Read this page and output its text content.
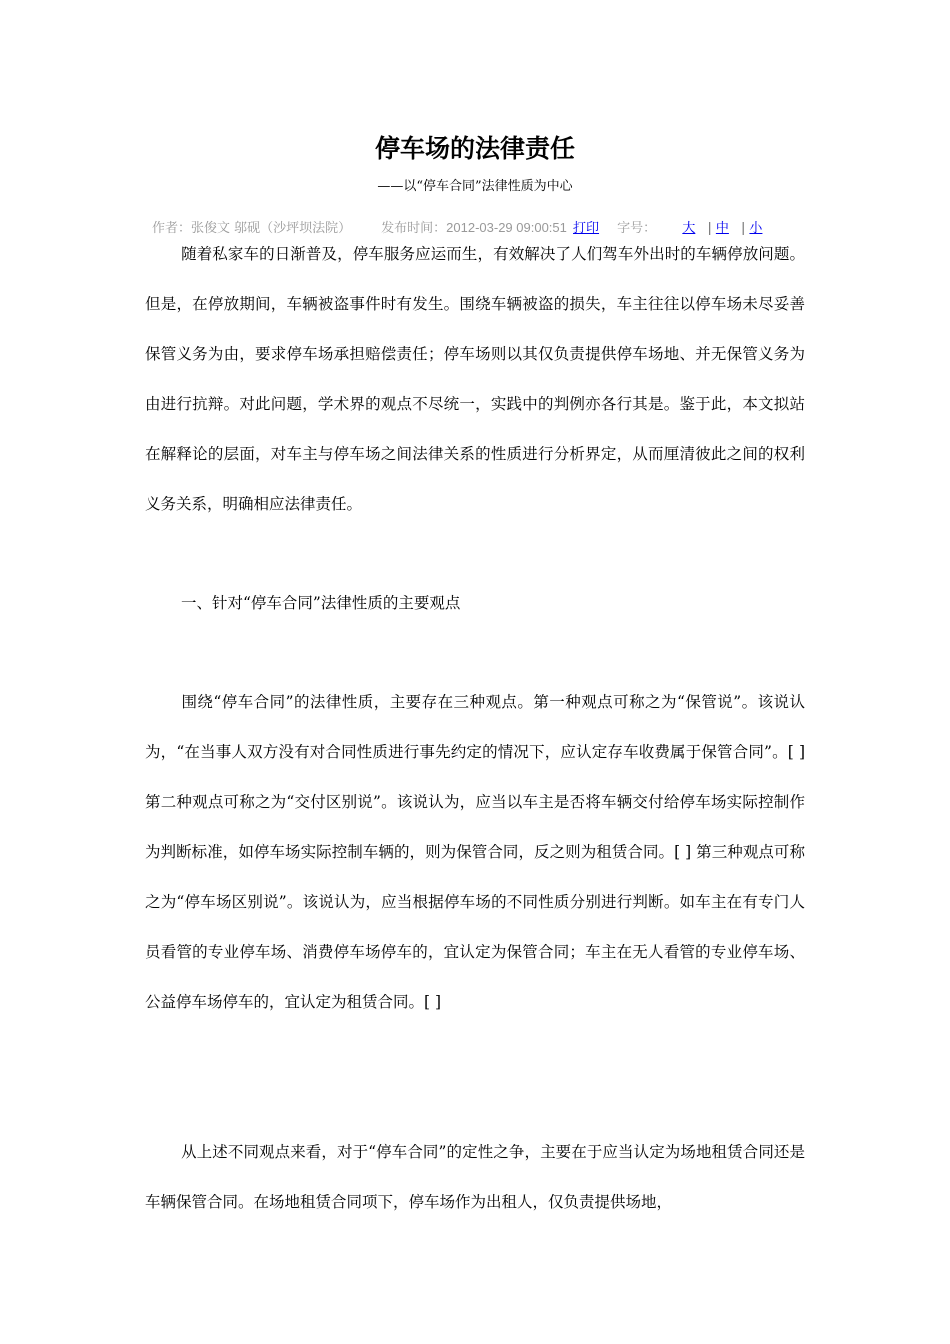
停车场的法律责任
——以“停车合同”法律性质为中心
作者：张俊文 邬砚（沙坪坝法院） 发布时间：2012-03-29 09:00:51 打印 字号： 大 | 中 | 小

随着私家车的日渐普及，停车服务应运而生，有效解决了人们驾车外出时的车辆停放问题。但是，在停放期间，车辆被盗事件时有发生。围绕车辆被盗的损失，车主往往以停车场未尽妥善保管义务为由，要求停车场承担赔偿责任；停车场则以其仅负责提供停车场地、并无保管义务为由进行抗辩。对此问题，学术界的观点不尽统一，实践中的判例亦各行其是。鉴于此，本文拟站在解释论的层面，对车主与停车场之间法律关系的性质进行分析界定，从而厘清彼此之间的权利义务关系，明确相应法律责任。

一、针对“停车合同”法律性质的主要观点

围绕“停车合同”的法律性质，主要存在三种观点。第一种观点可称之为“保管说”。该说认为，“在当事人双方没有对合同性质进行事先约定的情况下，应认定存车收费属于保管合同”。[ ] 第二种观点可称之为“交付区别说”。该说认为，应当以车主是否将车辆交付给停车场实际控制作为判断标准，如停车场实际控制车辆的，则为保管合同，反之则为租赁合同。[ ] 第三种观点可称之为“停车场区别说”。该说认为，应当根据停车场的不同性质分别进行判断。如车主在有专门人员看管的专业停车场、消费停车场停车的，宜认定为保管合同；车主在无人看管的专业停车场、公益停车场停车的，宜认定为租赁合同。[ ]

从上述不同观点来看，对于“停车合同”的定性之争，主要在于应当认定为场地租赁合同还是车辆保管合同。在场地租赁合同项下，停车场作为出租人，仅负责提供场地，
